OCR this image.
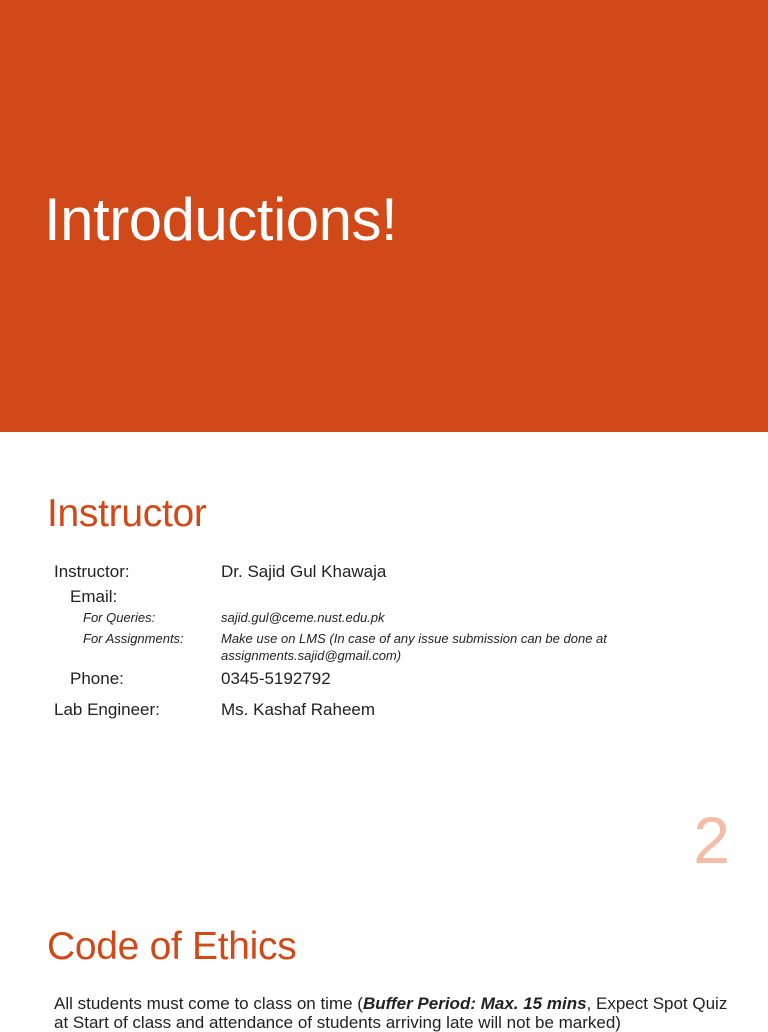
Introductions!
Instructor
Instructor:	Dr. Sajid Gul Khawaja
Email:
For Queries:	sajid.gul@ceme.nust.edu.pk
For Assignments:	Make use on LMS (In case of any issue submission can be done at
assignments.sajid@gmail.com)
Phone:	0345-5192792
Lab Engineer:	Ms. Kashaf Raheem
2
Code of Ethics
All students must come to class on time (Buffer Period: Max. 15 mins, Expect Spot Quiz at Start of class and attendance of students arriving late will not be marked)
